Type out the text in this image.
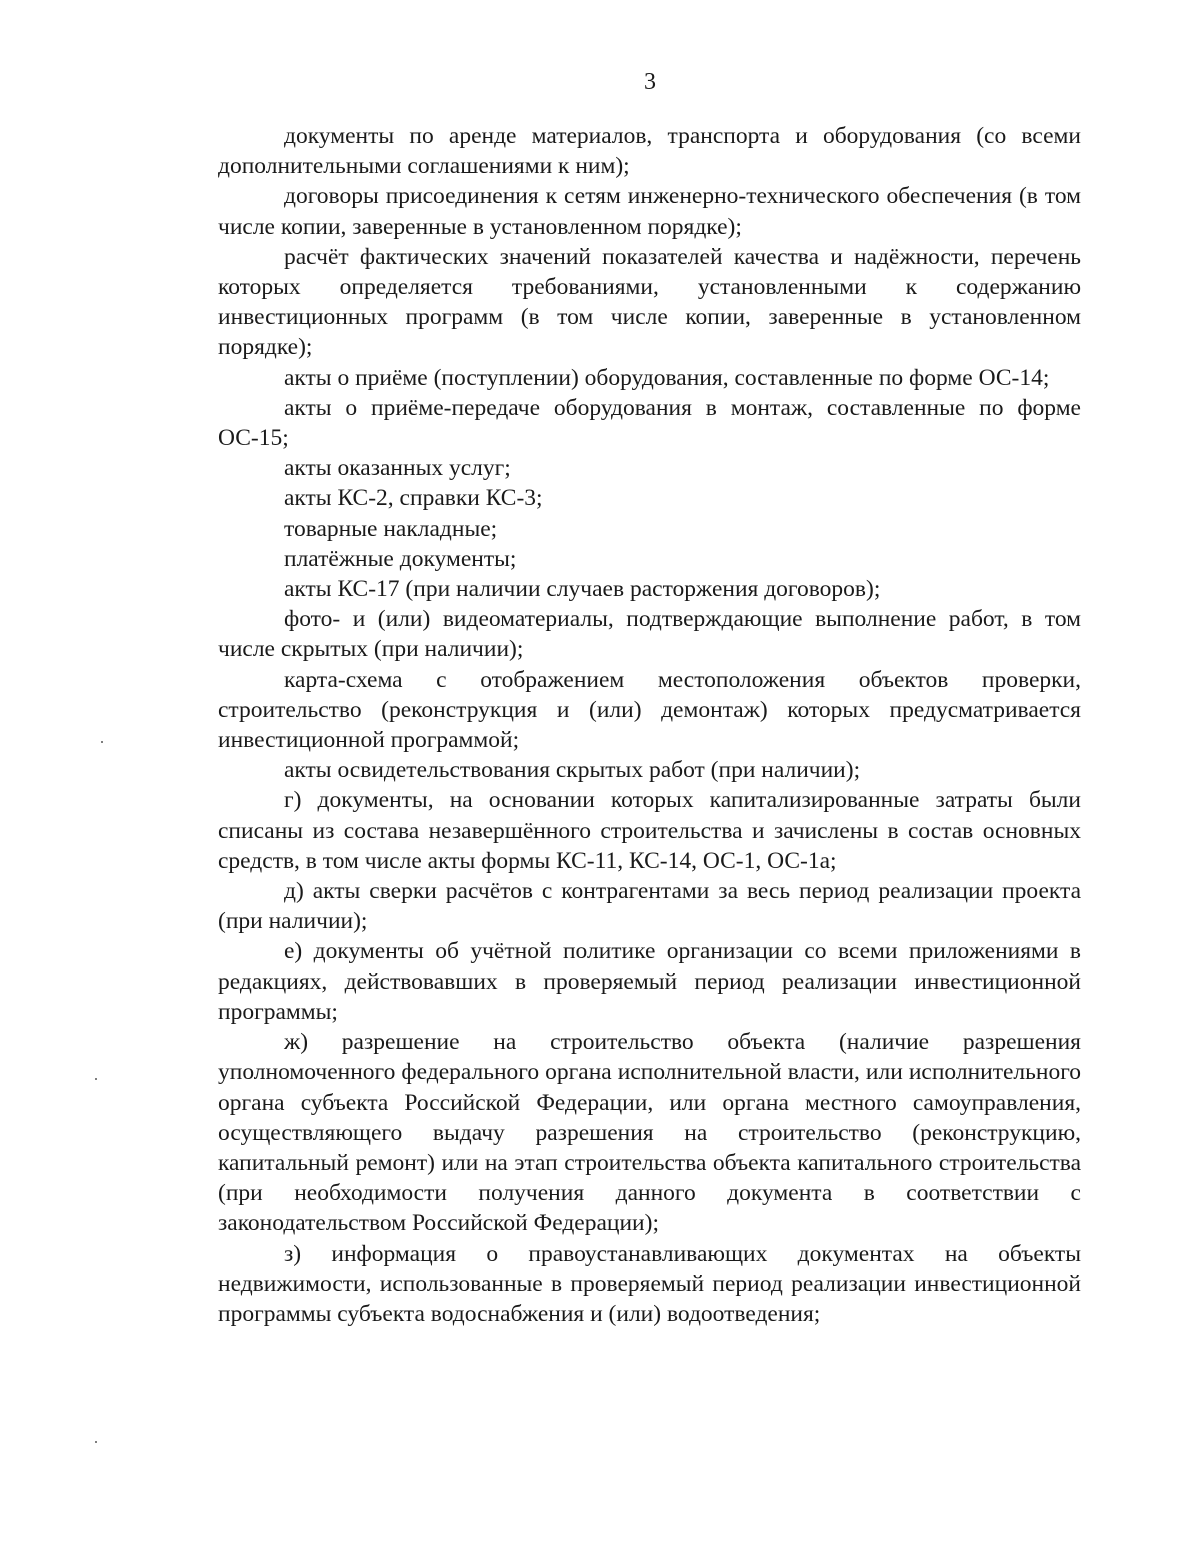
3

документы по аренде материалов, транспорта и оборудования (со всеми дополнительными соглашениями к ним);

договоры присоединения к сетям инженерно-технического обеспечения (в том числе копии, заверенные в установленном порядке);

расчёт фактических значений показателей качества и надёжности, перечень которых определяется требованиями, установленными к содержанию инвестиционных программ (в том числе копии, заверенные в установленном порядке);

акты о приёме (поступлении) оборудования, составленные по форме ОС-14;

акты о приёме-передаче оборудования в монтаж, составленные по форме ОС-15;

акты оказанных услуг;

акты КС-2, справки КС-3;

товарные накладные;

платёжные документы;

акты КС-17 (при наличии случаев расторжения договоров);

фото- и (или) видеоматериалы, подтверждающие выполнение работ, в том числе скрытых (при наличии);

карта-схема с отображением местоположения объектов проверки, строительство (реконструкция и (или) демонтаж) которых предусматривается инвестиционной программой;

акты освидетельствования скрытых работ (при наличии);

г) документы, на основании которых капитализированные затраты были списаны из состава незавершённого строительства и зачислены в состав основных средств, в том числе акты формы КС-11, КС-14, ОС-1, ОС-1а;

д) акты сверки расчётов с контрагентами за весь период реализации проекта (при наличии);

е) документы об учётной политике организации со всеми приложениями в редакциях, действовавших в проверяемый период реализации инвестиционной программы;

ж) разрешение на строительство объекта (наличие разрешения уполномоченного федерального органа исполнительной власти, или исполнительного органа субъекта Российской Федерации, или органа местного самоуправления, осуществляющего выдачу разрешения на строительство (реконструкцию, капитальный ремонт) или на этап строительства объекта капитального строительства (при необходимости получения данного документа в соответствии с законодательством Российской Федерации);

з) информация о правоустанавливающих документах на объекты недвижимости, использованные в проверяемый период реализации инвестиционной программы субъекта водоснабжения и (или) водоотведения;
